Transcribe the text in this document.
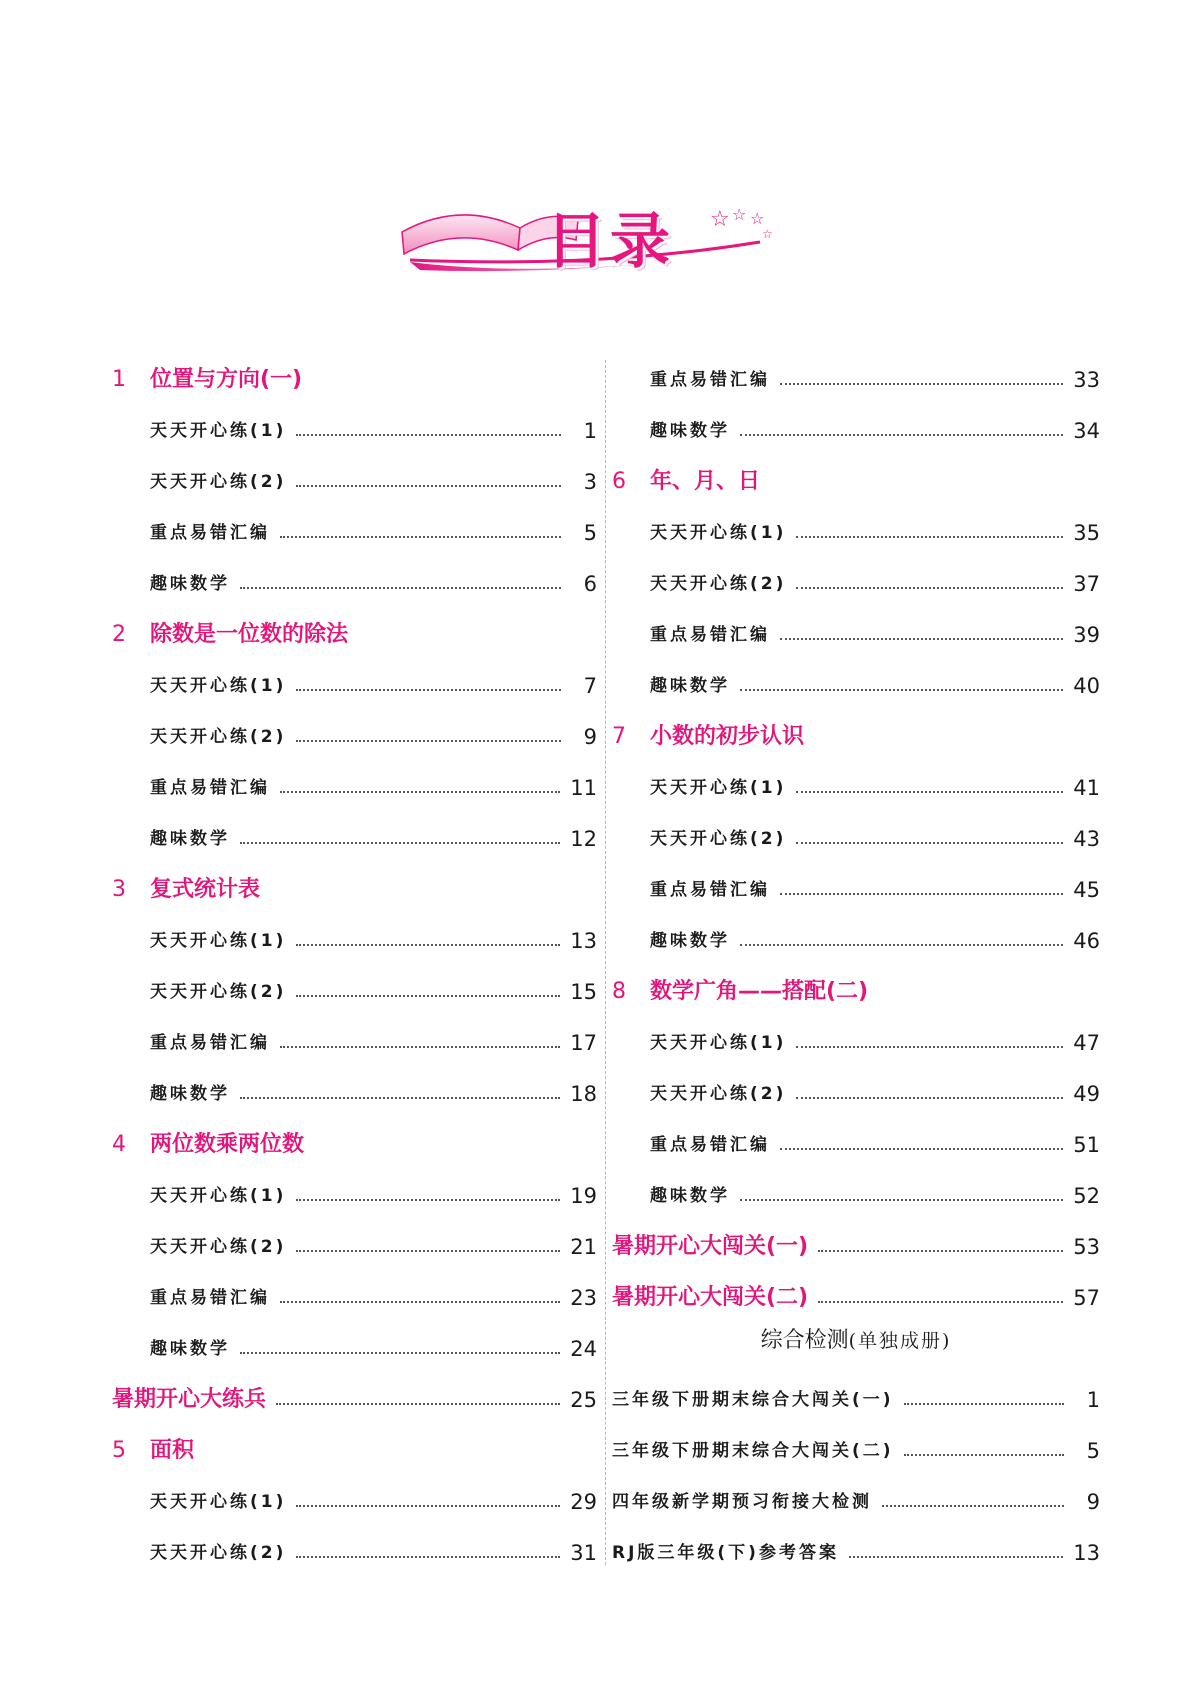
☆ ☆ ☆
☆
目录
1	位置与方向(一)
天天开心练(1)	1
天天开心练(2)	3
重点易错汇编	5
趣味数学	6
2	除数是一位数的除法
天天开心练(1)	7
天天开心练(2)	9
重点易错汇编	11
趣味数学	12
3	复式统计表
天天开心练(1)	13
天天开心练(2)	15
重点易错汇编	17
趣味数学	18
4	两位数乘两位数
天天开心练(1)	19
天天开心练(2)	21
重点易错汇编	23
趣味数学	24
暑期开心大练兵	25
5	面积
天天开心练(1)	29
天天开心练(2)	31
重点易错汇编	33
趣味数学	34
6	年、月、日
天天开心练(1)	35
天天开心练(2)	37
重点易错汇编	39
趣味数学	40
7	小数的初步认识
天天开心练(1)	41
天天开心练(2)	43
重点易错汇编	45
趣味数学	46
8	数学广角——搭配(二)
天天开心练(1)	47
天天开心练(2)	49
重点易错汇编	51
趣味数学	52
暑期开心大闯关(一)	53
暑期开心大闯关(二)	57
综合检测(单独成册)
三年级下册期末综合大闯关(一)	1
三年级下册期末综合大闯关(二)	5
四年级新学期预习衔接大检测	9
RJ版三年级(下)参考答案	13
